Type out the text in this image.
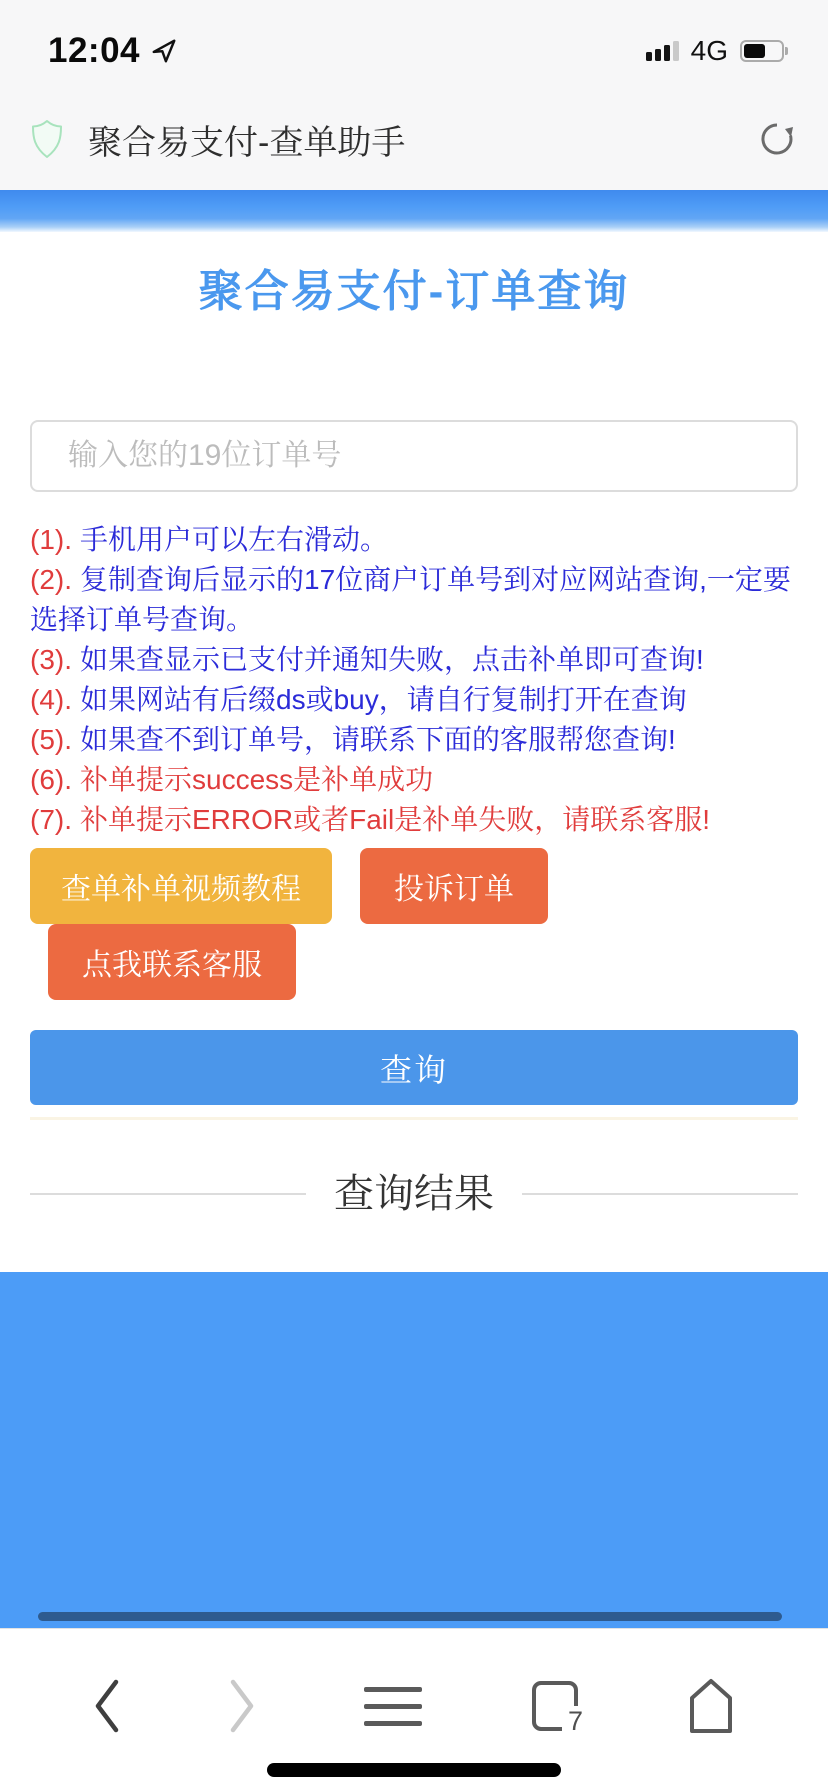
12:04	4G
聚合易支付-查单助手
聚合易支付-订单查询
输入您的19位订单号

(1). 手机用户可以左右滑动。

(2). 复制查询后显示的17位商户订单号到对应网站查询,一定要选择订单号查询。

(3). 如果查显示已支付并通知失败，点击补单即可查询!

(4). 如果网站有后缀ds或buy，请自行复制打开在查询

(5). 如果查不到订单号，请联系下面的客服帮您查询!

(6). 补单提示success是补单成功

(7). 补单提示ERROR或者Fail是补单失败，请联系客服!

查单补单视频教程	投诉订单
点我联系客服
查询
查询结果
7
